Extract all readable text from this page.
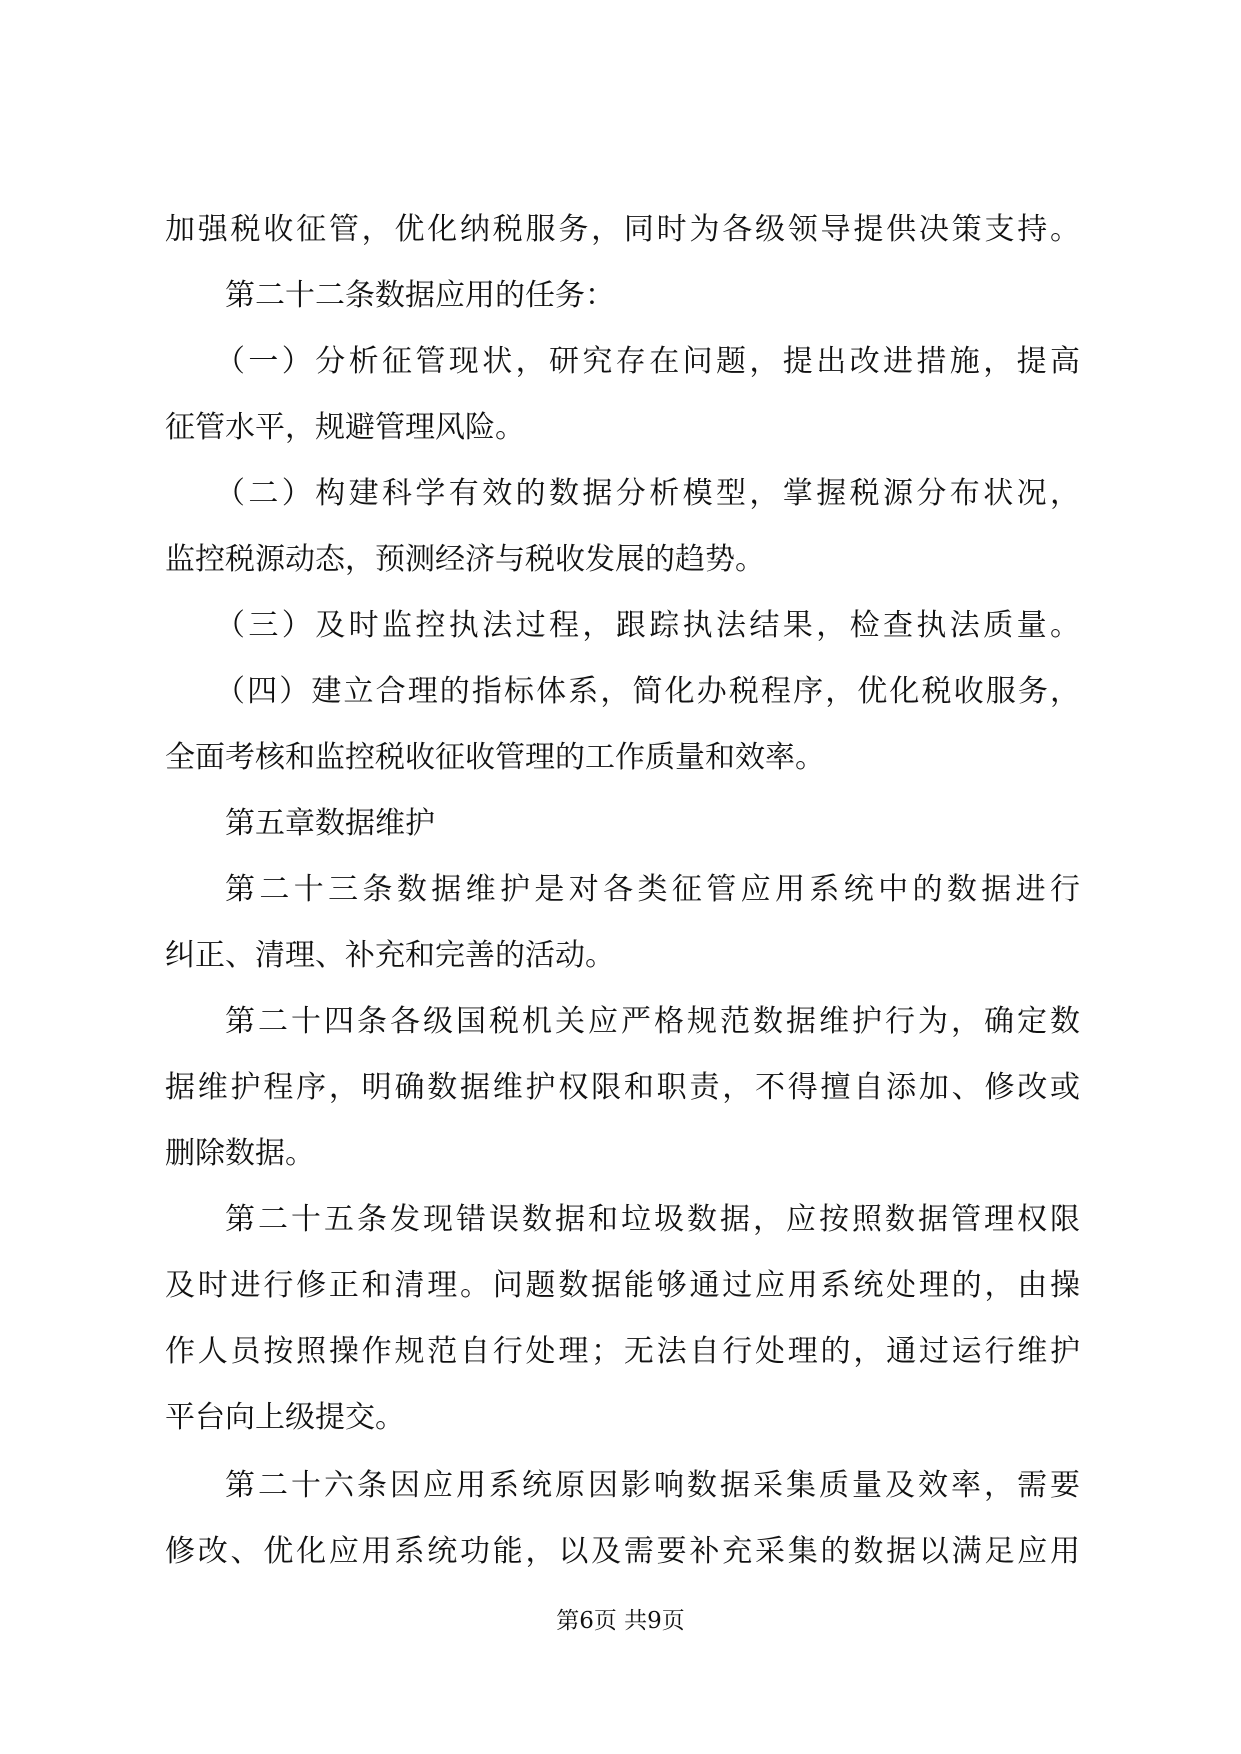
加强税收征管，优化纳税服务，同时为各级领导提供决策支持。
第二十二条数据应用的任务：
（一）分析征管现状，研究存在问题，提出改进措施，提高
征管水平，规避管理风险。
（二）构建科学有效的数据分析模型，掌握税源分布状况，
监控税源动态，预测经济与税收发展的趋势。
（三）及时监控执法过程，跟踪执法结果，检查执法质量。
（四）建立合理的指标体系，简化办税程序，优化税收服务，
全面考核和监控税收征收管理的工作质量和效率。
第五章数据维护
第二十三条数据维护是对各类征管应用系统中的数据进行
纠正、清理、补充和完善的活动。
第二十四条各级国税机关应严格规范数据维护行为，确定数
据维护程序，明确数据维护权限和职责，不得擅自添加、修改或
删除数据。
第二十五条发现错误数据和垃圾数据，应按照数据管理权限
及时进行修正和清理。问题数据能够通过应用系统处理的，由操
作人员按照操作规范自行处理；无法自行处理的，通过运行维护
平台向上级提交。
第二十六条因应用系统原因影响数据采集质量及效率，需要
修改、优化应用系统功能，以及需要补充采集的数据以满足应用
第6页 共9页
